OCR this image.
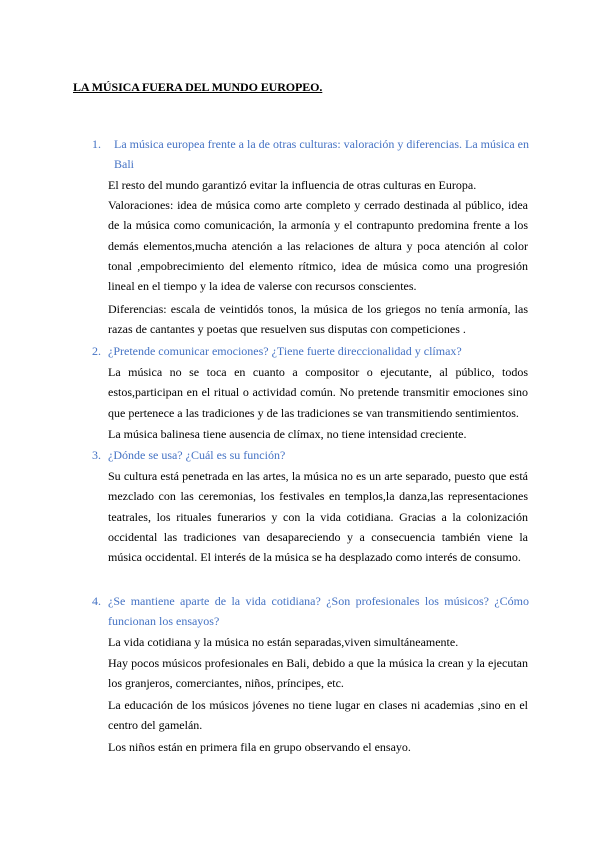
LA MÚSICA FUERA DEL MUNDO EUROPEO.
1. La música europea frente a la de otras culturas: valoración y diferencias. La música en Bali
El resto del mundo garantizó evitar la influencia de otras culturas en Europa.
Valoraciones: idea de música como arte completo y cerrado destinada al público, idea de la música como comunicación, la armonía y el contrapunto predomina frente a los demás elementos,mucha atención a las relaciones de altura y poca atención al color tonal ,empobrecimiento del elemento rítmico, idea de música como una progresión lineal en el tiempo y la idea de valerse con recursos conscientes.
Diferencias: escala de veintidós tonos, la música de los griegos no tenía armonía, las razas de cantantes y poetas que resuelven sus disputas con competiciones .
2. ¿Pretende comunicar emociones? ¿Tiene fuerte direccionalidad y clímax?
La música no se toca en cuanto a compositor o ejecutante, al público, todos estos,participan en el ritual o actividad común. No pretende transmitir emociones sino que pertenece a las tradiciones y de las tradiciones se van transmitiendo sentimientos.
La música balinesa tiene ausencia de clímax, no tiene intensidad creciente.
3. ¿Dónde se usa? ¿Cuál es su función?
Su cultura está penetrada en las artes, la música no es un arte separado, puesto que está mezclado con las ceremonias, los festivales en templos,la danza,las representaciones teatrales, los rituales funerarios y con la vida cotidiana. Gracias a la colonización occidental las tradiciones van desapareciendo y a consecuencia también viene la música occidental. El interés de la música se ha desplazado como interés de consumo.
4. ¿Se mantiene aparte de la vida cotidiana? ¿Son profesionales los músicos? ¿Cómo funcionan los ensayos?
La vida cotidiana y la música no están separadas,viven simultáneamente.
Hay pocos músicos profesionales en Bali, debido a que la música la crean y la ejecutan los granjeros, comerciantes, niños, príncipes, etc.
La educación de los músicos jóvenes no tiene lugar en clases ni academias ,sino en el centro del gamelán.
Los niños están en primera fila en grupo observando el ensayo.
